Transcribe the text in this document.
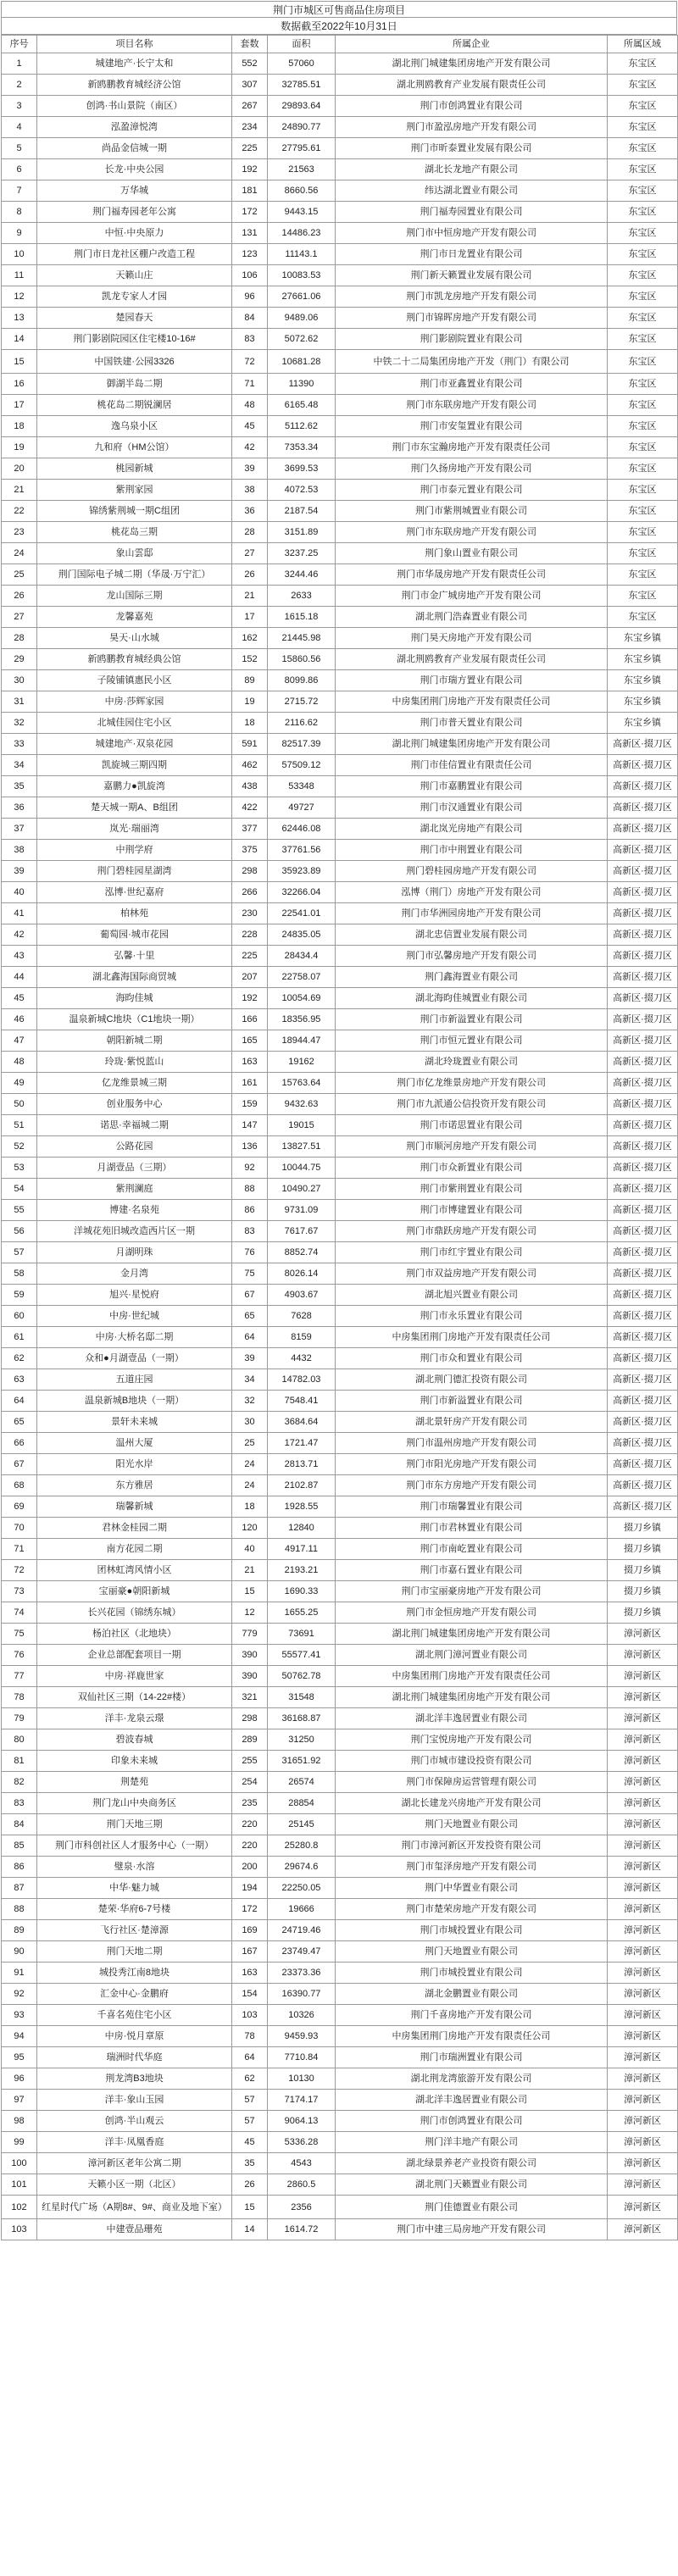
荆门市城区可售商品住房项目
数据截至2022年10月31日
序号	项目名称	套数	面积	所属企业	所属区域
1	城建地产·长宁太和	552	57060	湖北荆门城建集团房地产开发有限公司	东宝区
2	新鸥鹏教育城经济公馆	307	32785.51	湖北荆鸥教育产业发展有限责任公司	东宝区
3	创鸿·书山景院（南区）	267	29893.64	荆门市创鸿置业有限公司	东宝区
4	泓盈漳悦湾	234	24890.77	荆门市盈泓房地产开发有限公司	东宝区
5	尚品金信城一期	225	27795.61	荆门市昕泰置业发展有限公司	东宝区
6	长龙·中央公园	192	21563	湖北长龙地产有限公司	东宝区
7	万华城	181	8660.56	纬达湖北置业有限公司	东宝区
8	荆门福寿园老年公寓	172	9443.15	荆门福寿园置业有限公司	东宝区
9	中恒·中央原力	131	14486.23	荆门市中恒房地产开发有限公司	东宝区
10	荆门市日龙社区棚户改造工程	123	11143.1	荆门市日龙置业有限公司	东宝区
11	天籁山庄	106	10083.53	荆门新天籁置业发展有限公司	东宝区
12	凯龙专家人才园	96	27661.06	荆门市凯龙房地产开发有限公司	东宝区
13	楚园春天	84	9489.06	荆门市锦晖房地产开发有限公司	东宝区
14	荆门影剧院园区住宅楼10-16#	83	5072.62	荆门影剧院置业有限公司	东宝区
15	中国铁建·公园3326	72	10681.28	中铁二十二局集团房地产开发（荆门）有限公司	东宝区
16	御湖半岛二期	71	11390	荆门市亚鑫置业有限公司	东宝区
17	桃花岛二期锐澜居	48	6165.48	荆门市东联房地产开发有限公司	东宝区
18	逸乌泉小区	45	5112.62	荆门市安玺置业有限公司	东宝区
19	九和府（HM公馆）	42	7353.34	荆门市东宝瀚房地产开发有限责任公司	东宝区
20	桃园新城	39	3699.53	荆门久扬房地产开发有限公司	东宝区
21	紫荆家园	38	4072.53	荆门市泰元置业有限公司	东宝区
22	锦绣紫荆城一期C组团	36	2187.54	荆门市紫荆城置业有限公司	东宝区
23	桃花岛三期	28	3151.89	荆门市东联房地产开发有限公司	东宝区
24	象山雲邸	27	3237.25	荆门象山置业有限公司	东宝区
25	荆门国际电子城二期（华晟·万宁汇）	26	3244.46	荆门市华晟房地产开发有限责任公司	东宝区
26	龙山国际三期	21	2633	荆门市金广城房地产开发有限公司	东宝区
27	龙馨嘉苑	17	1615.18	湖北荆门浩森置业有限公司	东宝区
28	昊天·山水城	162	21445.98	荆门昊天房地产开发有限公司	东宝乡镇
29	新鸥鹏教育城经典公馆	152	15860.56	湖北荆鸥教育产业发展有限责任公司	东宝乡镇
30	子陵铺镇惠民小区	89	8099.86	荆门市瑞方置业有限公司	东宝乡镇
31	中房·莎辉家园	19	2715.72	中房集团荆门房地产开发有限责任公司	东宝乡镇
32	北城佳园住宅小区	18	2116.62	荆门市普天置业有限公司	东宝乡镇
33	城建地产·双泉花园	591	82517.39	湖北荆门城建集团房地产开发有限公司	高新区·掇刀区
34	凯旋城三期四期	462	57509.12	荆门市佳信置业有限责任公司	高新区·掇刀区
35	嘉鹏力●凯旋湾	438	53348	荆门市嘉鹏置业有限公司	高新区·掇刀区
36	楚天城一期A、B组团	422	49727	荆门市汉通置业有限公司	高新区·掇刀区
37	岚光·瑞丽湾	377	62446.08	湖北岚光房地产有限公司	高新区·掇刀区
38	中荆学府	375	37761.56	荆门市中荆置业有限公司	高新区·掇刀区
39	荆门碧桂园星湖湾	298	35923.89	荆门碧桂园房地产开发有限公司	高新区·掇刀区
40	泓博·世纪嘉府	266	32266.04	泓博（荆门）房地产开发有限公司	高新区·掇刀区
41	柏林苑	230	22541.01	荆门市华洲园房地产开发有限公司	高新区·掇刀区
42	葡萄园·城市花园	228	24835.05	湖北忠信置业发展有限公司	高新区·掇刀区
43	弘馨·十里	225	28434.4	荆门市弘馨房地产开发有限公司	高新区·掇刀区
44	湖北鑫海国际商贸城	207	22758.07	荆门鑫海置业有限公司	高新区·掇刀区
45	海昀佳城	192	10054.69	湖北海昀佳城置业有限公司	高新区·掇刀区
46	温泉新城C地块（C1地块一期）	166	18356.95	荆门市新溢置业有限公司	高新区·掇刀区
47	朝阳新城二期	165	18944.47	荆门市恒元置业有限公司	高新区·掇刀区
48	玲珑·紫悦蓝山	163	19162	湖北玲珑置业有限公司	高新区·掇刀区
49	亿龙维景城三期	161	15763.64	荆门市亿龙维景房地产开发有限公司	高新区·掇刀区
50	创业服务中心	159	9432.63	荆门市九派通公信投资开发有限公司	高新区·掇刀区
51	诺思·幸福城二期	147	19015	荆门市诺思置业有限公司	高新区·掇刀区
52	公路花园	136	13827.51	荆门市顺河房地产开发有限公司	高新区·掇刀区
53	月湖壹品（三期）	92	10044.75	荆门市众新置业有限公司	高新区·掇刀区
54	紫荆澜庭	88	10490.27	荆门市紫荆置业有限公司	高新区·掇刀区
55	博建·名泉苑	86	9731.09	荆门市博建置业有限公司	高新区·掇刀区
56	洋城花苑旧城改造西片区一期	83	7617.67	荆门市鼎跃房地产开发有限公司	高新区·掇刀区
57	月湖明珠	76	8852.74	荆门市红宇置业有限公司	高新区·掇刀区
58	金月湾	75	8026.14	荆门市双益房地产开发有限公司	高新区·掇刀区
59	旭兴·星悦府	67	4903.67	湖北旭兴置业有限公司	高新区·掇刀区
60	中房·世纪城	65	7628	荆门市永乐置业有限公司	高新区·掇刀区
61	中房·大桥名邸二期	64	8159	中房集团荆门房地产开发有限责任公司	高新区·掇刀区
62	众和●月湖壹品（一期）	39	4432	荆门市众和置业有限公司	高新区·掇刀区
63	五道庄园	34	14782.03	湖北荆门德汇投资有限公司	高新区·掇刀区
64	温泉新城B地块（一期）	32	7548.41	荆门市新溢置业有限公司	高新区·掇刀区
65	景轩未来城	30	3684.64	湖北景轩房产开发有限公司	高新区·掇刀区
66	温州大厦	25	1721.47	荆门市温州房地产开发有限公司	高新区·掇刀区
67	阳光水岸	24	2813.71	荆门市阳光房地产开发有限公司	高新区·掇刀区
68	东方雅居	24	2102.87	荆门市东方房地产开发有限公司	高新区·掇刀区
69	瑞馨新城	18	1928.55	荆门市瑞馨置业有限公司	高新区·掇刀区
70	君林金桂园二期	120	12840	荆门市君林置业有限公司	掇刀乡镇
71	南方花园二期	40	4917.11	荆门市南屹置业有限公司	掇刀乡镇
72	团林虹湾风情小区	21	2193.21	荆门市嘉石置业有限公司	掇刀乡镇
73	宝丽豪●朝阳新城	15	1690.33	荆门市宝丽豪房地产开发有限公司	掇刀乡镇
74	长兴花园（锦绣东城）	12	1655.25	荆门市金恒房地产开发有限公司	掇刀乡镇
75	杨泊社区（北地块）	779	73691	湖北荆门城建集团房地产开发有限公司	漳河新区
76	企业总部配套项目一期	390	55577.41	湖北荆门漳河置业有限公司	漳河新区
77	中房·祥鹿世家	390	50762.78	中房集团荆门房地产开发有限责任公司	漳河新区
78	双仙社区三期（14-22#楼）	321	31548	湖北荆门城建集团房地产开发有限公司	漳河新区
79	洋丰·龙泉云璟	298	36168.87	湖北洋丰逸居置业有限公司	漳河新区
80	碧波春城	289	31250	荆门宝悦房地产开发有限公司	漳河新区
81	印象未来城	255	31651.92	荆门市城市建设投资有限公司	漳河新区
82	荆楚苑	254	26574	荆门市保障房运营管理有限公司	漳河新区
83	荆门龙山中央商务区	235	28854	湖北长建龙兴房地产开发有限公司	漳河新区
84	荆门天地三期	220	25145	荆门天地置业有限公司	漳河新区
85	荆门市科创社区人才服务中心（一期）	220	25280.8	荆门市漳河新区开发投资有限公司	漳河新区
86	璧泉·水溶	200	29674.6	荆门市玺泽房地产开发有限公司	漳河新区
87	中华·魅力城	194	22250.05	荆门中华置业有限公司	漳河新区
88	楚荣·华府6-7号楼	172	19666	荆门市楚荣房地产开发有限公司	漳河新区
89	飞行社区·楚漳源	169	24719.46	荆门市城投置业有限公司	漳河新区
90	荆门天地二期	167	23749.47	荆门天地置业有限公司	漳河新区
91	城投秀江南8地块	163	23373.36	荆门市城投置业有限公司	漳河新区
92	汇金中心·金鹏府	154	16390.77	湖北金鹏置业有限公司	漳河新区
93	千喜名苑住宅小区	103	10326	荆门千喜房地产开发有限公司	漳河新区
94	中房·悦月章原	78	9459.93	中房集团荆门房地产开发有限责任公司	漳河新区
95	瑞洲时代华庭	64	7710.84	荆门市瑞洲置业有限公司	漳河新区
96	荆龙湾B3地块	62	10130	湖北荆龙湾旅游开发有限公司	漳河新区
97	洋丰·象山玉园	57	7174.17	湖北洋丰逸居置业有限公司	漳河新区
98	创鸿·半山观云	57	9064.13	荆门市创鸿置业有限公司	漳河新区
99	洋丰·凤凰香庭	45	5336.28	荆门洋丰地产有限公司	漳河新区
100	漳河新区老年公寓二期	35	4543	湖北绿景养老产业投资有限公司	漳河新区
101	天籁小区一期（北区）	26	2860.5	湖北荆门天籁置业有限公司	漳河新区
102	红星时代广场（A期8#、9#、商业及地下室）	15	2356	荆门佳德置业有限公司	漳河新区
103	中建壹品珊苑	14	1614.72	荆门市中建三局房地产开发有限公司	漳河新区
